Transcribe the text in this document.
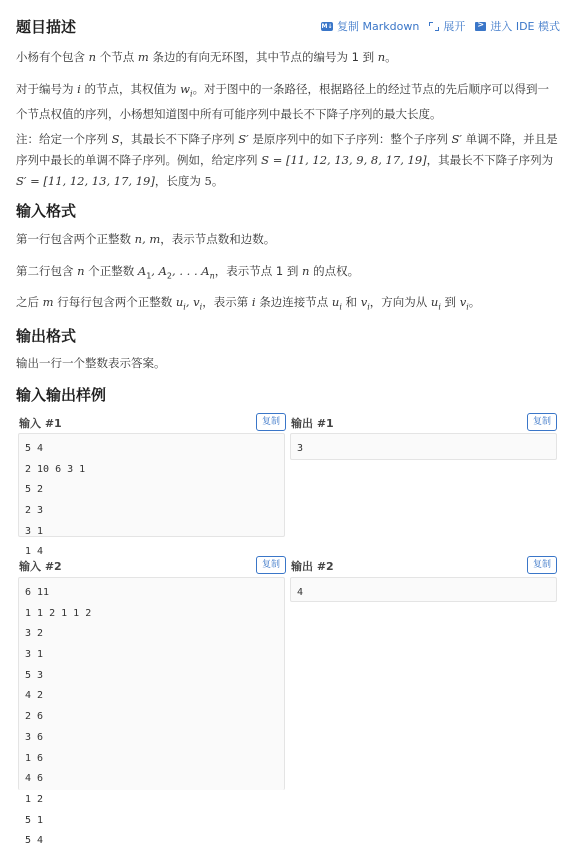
题目描述	M↓ 复制 Markdown 展开
> 进入 IDE 模式
小杨有个包含 n 个节点 m 条边的有向无环图，其中节点的编号为 1 到 n。
对于编号为 i 的节点，其权值为 $w_i$。对于图中的一条路径，根据路径上的经过节点的先后顺序可以得到一个节点权值的序列，小杨想知道图中所有可能序列中最长不下降子序列的最大长度。
注：给定一个序列 S，其最长不下降子序列 S′ 是原序列中的如下子序列：整个子序列 S′ 单调不降，并且是序列中最长的单调不降子序列。例如，给定序列 S = [11, 12, 13, 9, 8, 17, 19]，其最长不下降子序列为 S′ = [11, 12, 13, 17, 19]，长度为 5。
输入格式
第一行包含两个正整数 n, m，表示节点数和边数。
第二行包含 n 个正整数 $A_1$, $A_2$, . . . $A_n$，表示节点 1 到 n 的点权。
之后 m 行每行包含两个正整数 $u_i$, $v_i$，表示第 i 条边连接节点 $u_i$ 和 $v_i$，方向为从 $u_i$ 到 $v_i$。
输出格式
输出一行一个整数表示答案。
输入输出样例
输入 #1	复制	输出 #1	复制
5 4
2 10 6 3 1
5 2
2 3
3 1
1 4
3
输入 #2	复制	输出 #2	复制
6 11
1 1 2 1 1 2
3 2
3 1
5 3
4 2
2 6
3 6
1 6
4 6
1 2
5 1
5 4
4
